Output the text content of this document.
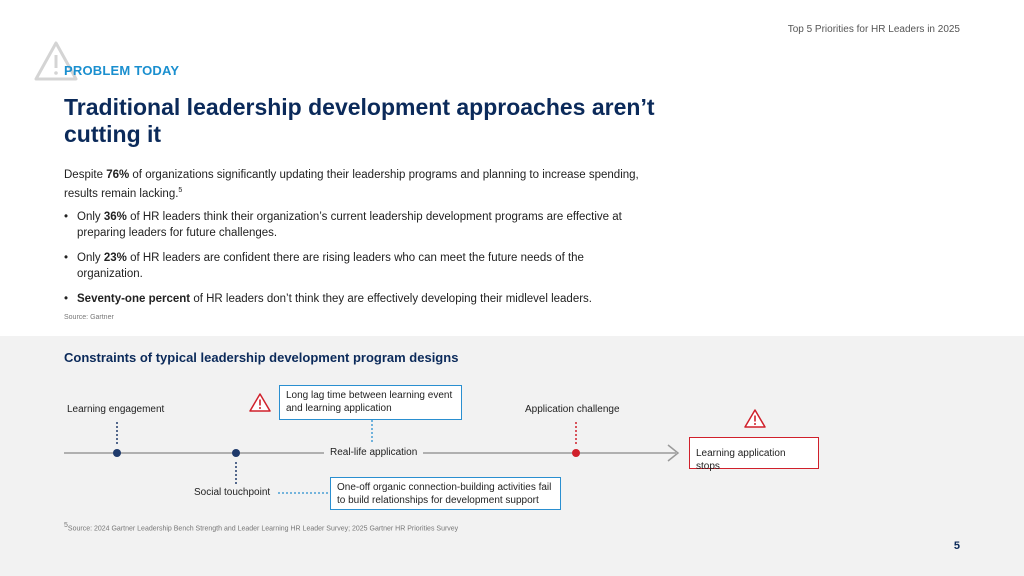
Top 5 Priorities for HR Leaders in 2025
PROBLEM TODAY
Traditional leadership development approaches aren’t cutting it
Despite 76% of organizations significantly updating their leadership programs and planning to increase spending, results remain lacking.$^5$
• Only 36% of HR leaders think their organization’s current leadership development programs are effective at preparing leaders for future challenges.
• Only 23% of HR leaders are confident there are rising leaders who can meet the future needs of the organization.
• Seventy-one percent of HR leaders don’t think they are effectively developing their midlevel leaders.
Source: Gartner
Constraints of typical leadership development program designs
Learning engagement
Social touchpoint
Application challenge
Real-life application
Long lag time between learning event and learning application
One-off organic connection-building activities fail to build relationships for development support
Learning application stops
$^5$Source: 2024 Gartner Leadership Bench Strength and Leader Learning HR Leader Survey; 2025 Gartner HR Priorities Survey
5
